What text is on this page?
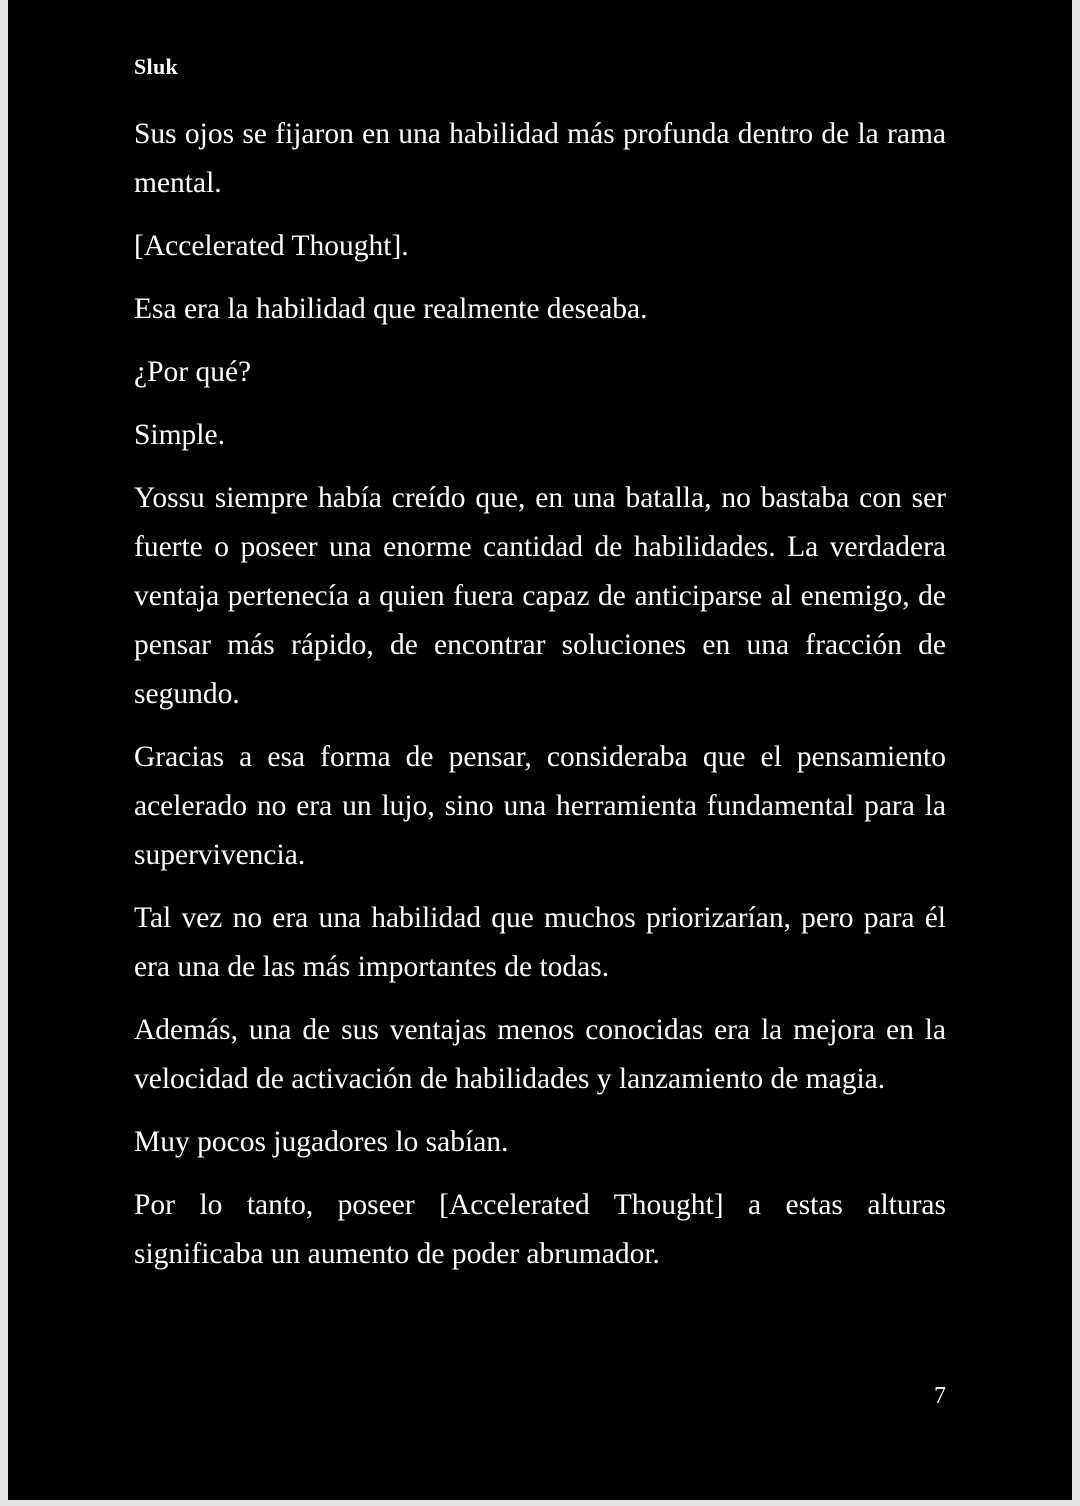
Sluk

Sus ojos se fijaron en una habilidad más profunda dentro de la rama mental.

[Accelerated Thought].

Esa era la habilidad que realmente deseaba.

¿Por qué?

Simple.

Yossu siempre había creído que, en una batalla, no bastaba con ser fuerte o poseer una enorme cantidad de habilidades. La verdadera ventaja pertenecía a quien fuera capaz de anticiparse al enemigo, de pensar más rápido, de encontrar soluciones en una fracción de segundo.

Gracias a esa forma de pensar, consideraba que el pensamiento acelerado no era un lujo, sino una herramienta fundamental para la supervivencia.

Tal vez no era una habilidad que muchos priorizarían, pero para él era una de las más importantes de todas.

Además, una de sus ventajas menos conocidas era la mejora en la velocidad de activación de habilidades y lanzamiento de magia.

Muy pocos jugadores lo sabían.

Por lo tanto, poseer [Accelerated Thought] a estas alturas significaba un aumento de poder abrumador.

7
